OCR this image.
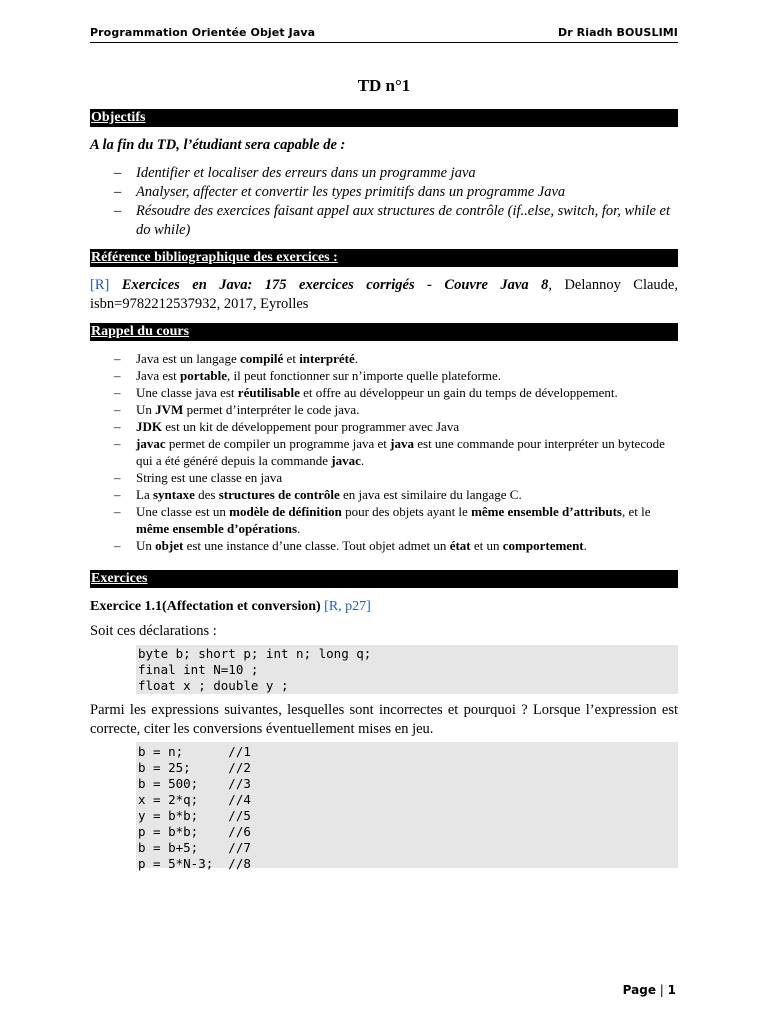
Programmation Orientée Objet Java	Dr Riadh BOUSLIMI
TD n°1
Objectifs
A la fin du TD, l’étudiant sera capable de :
– Identifier et localiser des erreurs dans un programme java
– Analyser, affecter et convertir les types primitifs dans un programme Java
– Résoudre des exercices faisant appel aux structures de contrôle (if..else, switch, for, while et do while)
Référence bibliographique des exercices :
[R] Exercices en Java: 175 exercices corrigés - Couvre Java 8, Delannoy Claude, isbn=9782212537932, 2017, Eyrolles
Rappel du cours
– Java est un langage compilé et interprété.
– Java est portable, il peut fonctionner sur n’importe quelle plateforme.
– Une classe java est réutilisable et offre au développeur un gain du temps de développement.
– Un JVM permet d’interpréter le code java.
– JDK est un kit de développement pour programmer avec Java
– javac permet de compiler un programme java et java est une commande pour interpréter un bytecode qui a été généré depuis la commande javac.
– String est une classe en java
– La syntaxe des structures de contrôle en java est similaire du langage C.
– Une classe est un modèle de définition pour des objets ayant le même ensemble d’attributs, et le même ensemble d’opérations.
– Un objet est une instance d’une classe. Tout objet admet un état et un comportement.
Exercices
Exercice 1.1(Affectation et conversion) [R, p27]
Soit ces déclarations :
byte b; short p; int n; long q;
final int N=10 ;
float x ; double y ;
Parmi les expressions suivantes, lesquelles sont incorrectes et pourquoi ? Lorsque l’expression est correcte, citer les conversions éventuellement mises en jeu.
b = n;      //1
b = 25;     //2
b = 500;    //3
x = 2*q;    //4
y = b*b;    //5
p = b*b;    //6
b = b+5;    //7
p = 5*N-3;  //8
Page | 1
